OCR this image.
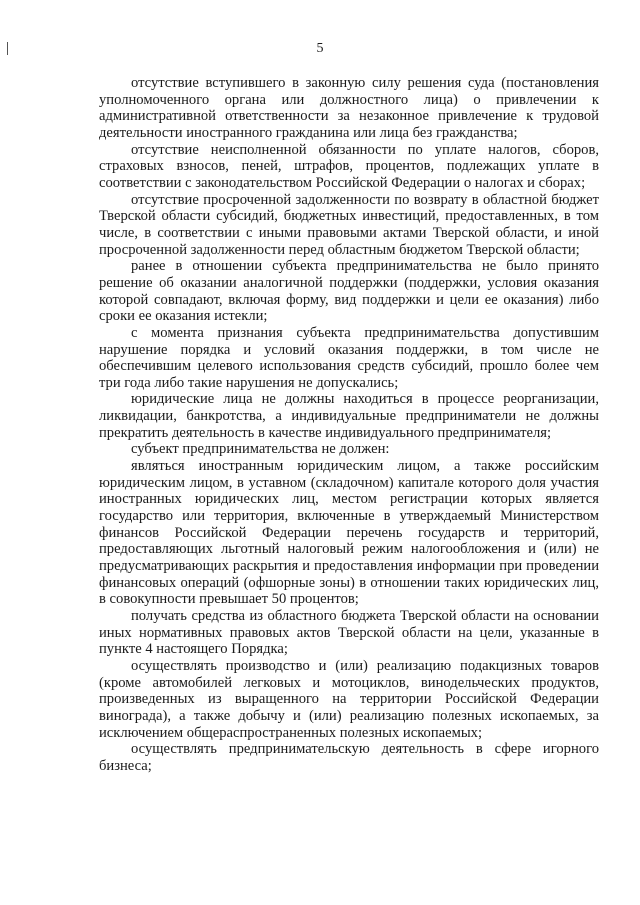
5

отсутствие вступившего в законную силу решения суда (постановления уполномоченного органа или должностного лица) о привлечении к административной ответственности за незаконное привлечение к трудовой деятельности иностранного гражданина или лица без гражданства;

отсутствие неисполненной обязанности по уплате налогов, сборов, страховых взносов, пеней, штрафов, процентов, подлежащих уплате в соответствии с законодательством Российской Федерации о налогах и сборах;

отсутствие просроченной задолженности по возврату в областной бюджет Тверской области субсидий, бюджетных инвестиций, предоставленных, в том числе, в соответствии с иными правовыми актами Тверской области, и иной просроченной задолженности перед областным бюджетом Тверской области;

ранее в отношении субъекта предпринимательства не было принято решение об оказании аналогичной поддержки (поддержки, условия оказания которой совпадают, включая форму, вид поддержки и цели ее оказания) либо сроки ее оказания истекли;

с момента признания субъекта предпринимательства допустившим нарушение порядка и условий оказания поддержки, в том числе не обеспечившим целевого использования средств субсидий, прошло более чем три года либо такие нарушения не допускались;

юридические лица не должны находиться в процессе реорганизации, ликвидации, банкротства, а индивидуальные предприниматели не должны прекратить деятельность в качестве индивидуального предпринимателя;

субъект предпринимательства не должен:

являться иностранным юридическим лицом, а также российским юридическим лицом, в уставном (складочном) капитале которого доля участия иностранных юридических лиц, местом регистрации которых является государство или территория, включенные в утверждаемый Министерством финансов Российской Федерации перечень государств и территорий, предоставляющих льготный налоговый режим налогообложения и (или) не предусматривающих раскрытия и предоставления информации при проведении финансовых операций (офшорные зоны) в отношении таких юридических лиц, в совокупности превышает 50 процентов;

получать средства из областного бюджета Тверской области на основании иных нормативных правовых актов Тверской области на цели, указанные в пункте 4 настоящего Порядка;

осуществлять производство и (или) реализацию подакцизных товаров (кроме автомобилей легковых и мотоциклов, винодельческих продуктов, произведенных из выращенного на территории Российской Федерации винограда), а также добычу и (или) реализацию полезных ископаемых, за исключением общераспространенных полезных ископаемых;

осуществлять предпринимательскую деятельность в сфере игорного бизнеса;
